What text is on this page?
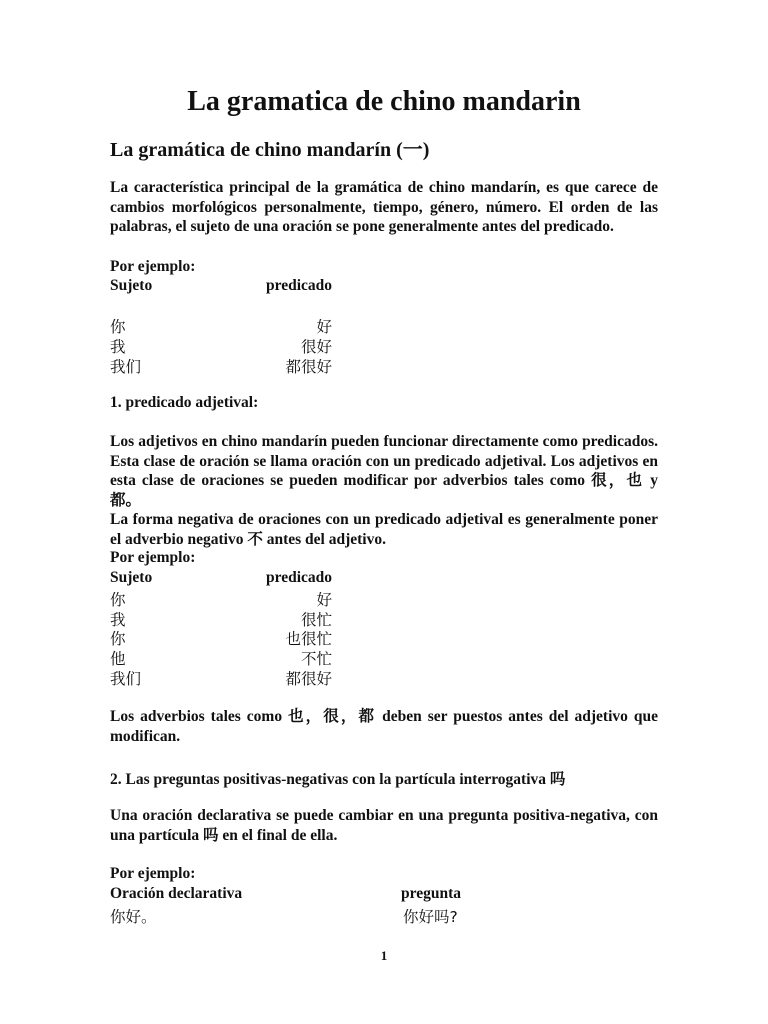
La gramatica de chino mandarin
La gramática de chino mandarín (一)
La característica principal de la gramática de chino mandarín, es que carece de cambios morfológicos personalmente, tiempo, género, número. El orden de las palabras, el sujeto de una oración se pone generalmente antes del predicado.
Por ejemplo:
Sujeto	predicado
你	好
我	很好
我们	都很好
1. predicado adjetival:
Los adjetivos en chino mandarín pueden funcionar directamente como predicados. Esta clase de oración se llama oración con un predicado adjetival. Los adjetivos en esta clase de oraciones se pueden modificar por adverbios tales como 很，也 y 都。
La forma negativa de oraciones con un predicado adjetival es generalmente poner el adverbio negativo 不 antes del adjetivo.
Por ejemplo:
Sujeto	predicado
你	好
我	很忙
你	也很忙
他	不忙
我们	都很好
Los adverbios tales como 也，很，都 deben ser puestos antes del adjetivo que modifican.
2. Las preguntas positivas-negativas con la partícula interrogativa 吗
Una oración declarativa se puede cambiar en una pregunta positiva-negativa, con una partícula 吗 en el final de ella.
Por ejemplo:
Oración declarativa	pregunta
你好。	你好吗?
1
